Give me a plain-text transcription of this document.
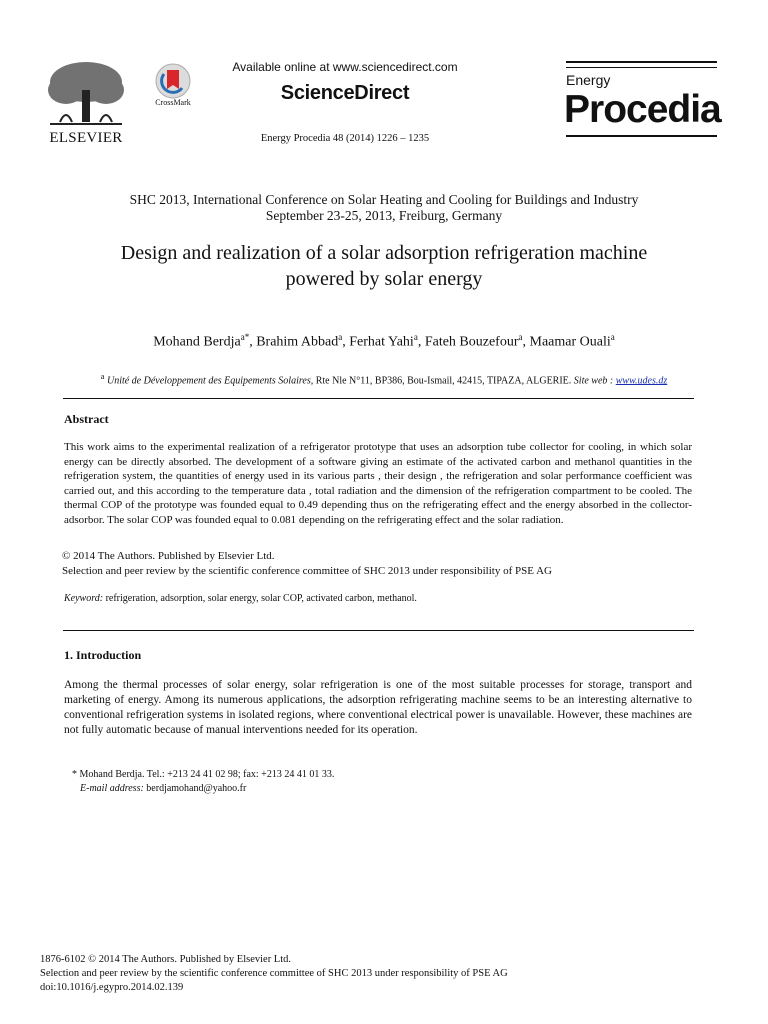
ELSEVIER
CrossMark
Available online at www.sciencedirect.com
ScienceDirect
Energy Procedia 48 (2014) 1226 – 1235
Energy
Procedia
SHC 2013, International Conference on Solar Heating and Cooling for Buildings and Industry
September 23-25, 2013, Freiburg, Germany
Design and realization of a solar adsorption refrigeration machine
powered by solar energy
Mohand Berdja$^{a*}$, Brahim Abbad$^a$, Ferhat Yahi$^a$, Fateh Bouzefour$^a$, Maamar Ouali$^a$
$^a$ Unité de Développement des Equipements Solaires, Rte Nle N°11, BP386, Bou-Ismail, 42415, TIPAZA, ALGERIE. Site web : www.udes.dz
Abstract
This work aims to the experimental realization of a refrigerator prototype that uses an adsorption tube collector for cooling, in which solar energy can be directly absorbed. The development of a software giving an estimate of the activated carbon and methanol quantities in the refrigeration system, the quantities of energy used in its various parts , their design , the refrigeration and solar performance coefficient was carried out, and this according to the temperature data , total radiation and the dimension of the refrigeration compartment to be cooled. The thermal COP of the prototype was founded equal to 0.49 depending thus on the refrigerating effect and the energy absorbed in the collector-adsorbor. The solar COP was founded equal to 0.081 depending on the refrigerating effect and the solar radiation.
© 2014 The Authors. Published by Elsevier Ltd.
Selection and peer review by the scientific conference committee of SHC 2013 under responsibility of PSE AG
Keyword: refrigeration, adsorption, solar energy, solar COP, activated carbon, methanol.
1. Introduction
Among the thermal processes of solar energy, solar refrigeration is one of the most suitable processes for storage, transport and marketing of energy. Among its numerous applications, the adsorption refrigerating machine seems to be an interesting alternative to conventional refrigeration systems in isolated regions, where conventional electrical power is unavailable. However, these machines are not fully automatic because of manual interventions needed for its operation.
* Mohand Berdja. Tel.: +213 24 41 02 98; fax: +213 24 41 01 33.
E-mail address: berdjamohand@yahoo.fr
1876-6102 © 2014 The Authors. Published by Elsevier Ltd.
Selection and peer review by the scientific conference committee of SHC 2013 under responsibility of PSE AG
doi:10.1016/j.egypro.2014.02.139
